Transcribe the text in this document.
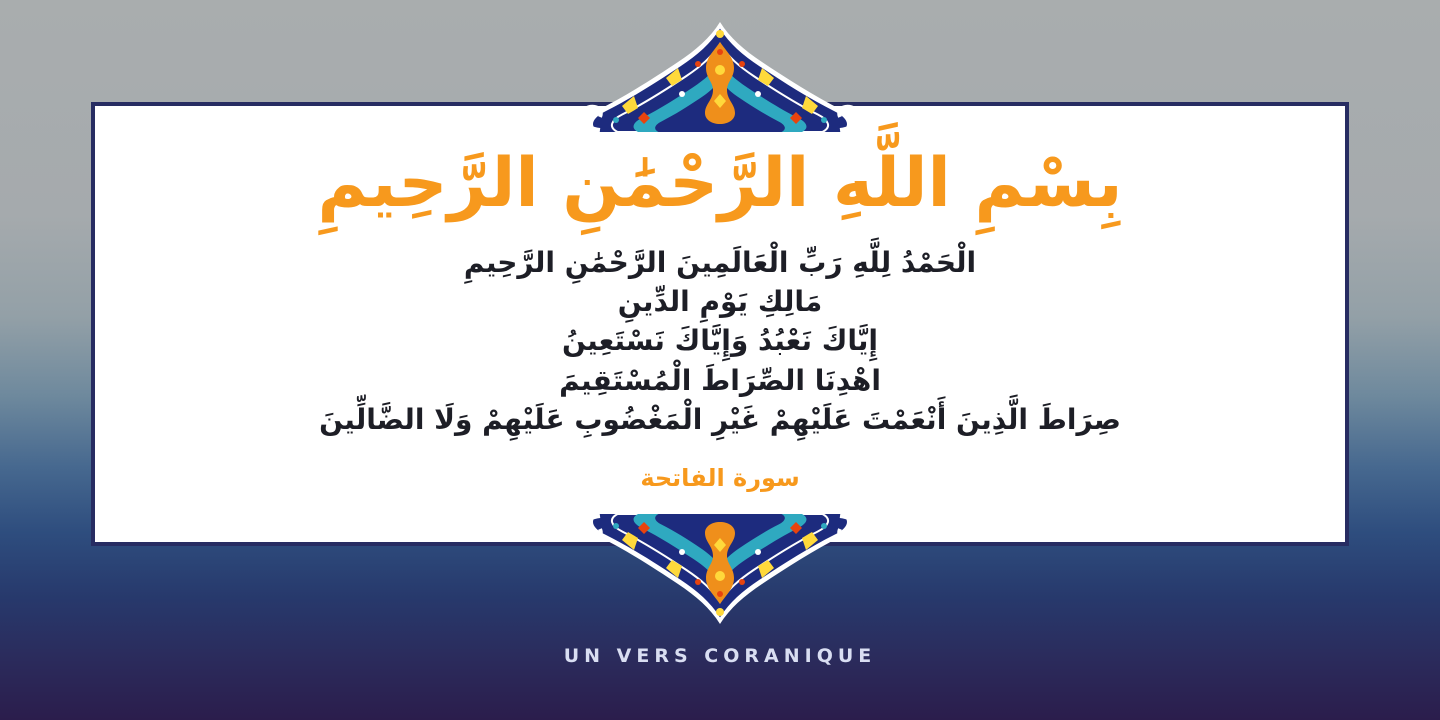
بِسْمِ اللَّهِ الرَّحْمَٰنِ الرَّحِيمِ
الْحَمْدُ لِلَّهِ رَبِّ الْعَالَمِينَ الرَّحْمَٰنِ الرَّحِيمِ
مَالِكِ يَوْمِ الدِّينِ
إِيَّاكَ نَعْبُدُ وَإِيَّاكَ نَسْتَعِينُ
اهْدِنَا الصِّرَاطَ الْمُسْتَقِيمَ
صِرَاطَ الَّذِينَ أَنْعَمْتَ عَلَيْهِمْ غَيْرِ الْمَغْضُوبِ عَلَيْهِمْ وَلَا الضَّالِّينَ
سورة الفاتحة
UN VERS CORANIQUE
